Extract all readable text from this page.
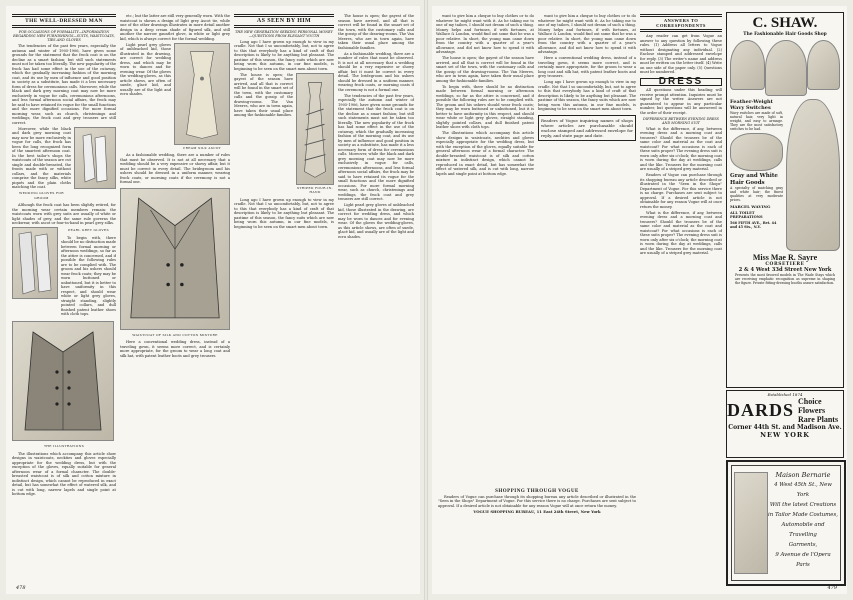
THE WELL-DRESSED MAN
FOR OCCASIONS OF FORMALITY—INFORMATION REGARDING NEW FURNISHINGS—SUITS, WAISTCOATS, TIES AND GLOVES

The tendencies of the past few years, especially the autumn and winter of 1905-1906, have given some grounds for the statement that the frock coat is on the decline as a smart fashion; but still such statements must not be taken too literally. The new popularity of the frock has had some effect in the use of the cutaway, which the gradually increasing fashion of the morning coat, and its use by men of influence and good position in society as a substitute, has made it a less necessary form of dress for ceremonious calls. Moreover, while the black and dark grey morning coat may now be more exclusively in vogue for calls, ceremonious afternoons, and less formal afternoon social affairs, the frock may be said to have retained its vogue for the small functions and the more dignified occasions. For more formal morning wear, such as church, christenings and weddings, the frock coat and grey trousers are still correct.

Moreover, while the black and dark grey morning coat may now be more exclusively in vogue for calls, the frock has been the long recognized form of the smartest afternoon coat. In the best tailor's shops the waistcoats of the season are cut single and double-breasted, the fronts made with or without collars, and the materials comprise the fancy silks, white piqués and the plain cloths matching the coat.

WEDDING GLOVES FOR GROOM

Although the frock coat has been slightly retired, for the morning wear certain members remain: the waistcoats worn with grey suits are usually of white or light shades of grey, and the same rule governs the neckwear, with ascot or four-in-hand in pearl grey silks.

PEARL GREY GLOVES

To begin with, there should be no distinction made between formal morning or afternoon weddings, so far as the attire is concerned, and if possible the following rules are to be complied with. The groom and his ushers should wear frock coats; they may be worn buttoned or unbuttoned, but it is better to have uniformity in this respect, and should wear white or light grey gloves, straight standing, slightly pointed collars, and dull finished patent leather shoes with cloth tops.

THE ILLUSTRATIONS

The illustrations which accompany this article show designs in waistcoats, neckties and gloves especially appropriate for the wedding dress, but with the exception of the gloves, equally suitable for general afternoon wear of a formal character. The double-breasted waistcoat is of silk and cotton mixture in indistinct design, which cannot be reproduced in exact detail, but has somewhat the effect of watered silk, and is cut with long, narrow lapels and single point at bottom edge.

etc.; but the latter are still very generally worn. With the waistcoat is shown a design of light grey Ascot tie, while one of the other drawings illustrates in more detail another design in a deep cream shade of figured silk, and still another the narrow gauntlet glove, in white or light grey kid, which is always correct for the formal wedding.

Light pearl grey gloves of unbleached kid, those illustrated in the drawing, are correct for wedding dress, and which may be worn to dances and for evening wear. Of the gloves the wedding-gloves, as this article shows, are often of suede, glacé kid, and usually are of the light and ecru shades.

CREAM SILK ASCOT

As a fashionable wedding, there are a number of rules that must be observed. It is not at all necessary that a wedding should be a very expensive or showy affair, but it must be correct in every detail. The bridegroom and his ushers should be dressed in a uniform manner, wearing frock coats, or morning coats if the ceremony is not a formal one.

WAISTCOAT OF SILK AND COTTON MIXTURE

Here a conventional wedding dress, instead of a traveling gown, it seems more correct, and is certainly more appropriate, for the groom to wear a long coat and silk hat, with patent leather boots and grey trousers.

AS SEEN BY HIM
THE NEW GENERATION SEEKING PERSONAL MONEY—QUESTIONS FROM ELEGANT YOUTH

Long ago I have grown up enough to view in my cradle. Not that I so uncomfortably, but, not to agree to this that everybody has a kind of craft of that description is likely to be anything but pleasant. The pastime of this season, the fancy suits which are now being worn this autumn, in our fine models, is beginning to be seen on the smart men about town.

The house is open; the gayest of the season have arrived, and all that is correct will be found in the smart set of the town, with the customary calls and the gossip of the drawing-rooms. The Van Meeres, who are in town again, have taken their usual place among the fashionable families.

STRIPED FOUR-IN-HAND

Long ago I have grown up enough to view in my cradle. Not that I so uncomfortably, but, not to agree to this that everybody has a kind of craft of that description is likely to be anything but pleasant. The pastime of this season, the fancy suits which are now being worn this autumn, in our fine models, is beginning to be seen on the smart men about town.

The house is open; the gayest of the season have arrived, and all that is correct will be found in the smart set of the town, with the customary calls and the gossip of the drawing-rooms. The Van Meeres, who are in town again, have taken their usual place among the fashionable families.

As a fashionable wedding, there are a number of rules that must be observed. It is not at all necessary that a wedding should be a very expensive or showy affair, but it must be correct in every detail. The bridegroom and his ushers should be dressed in a uniform manner, wearing frock coats, or morning coats if the ceremony is not a formal one.

The tendencies of the past few years, especially the autumn and winter of 1905-1906, have given some grounds for the statement that the frock coat is on the decline as a smart fashion; but still such statements must not be taken too literally. The new popularity of the frock has had some effect in the use of the cutaway, which the gradually increasing fashion of the morning coat, and its use by men of influence and good position in society as a substitute, has made it a less necessary form of dress for ceremonious calls. Moreover, while the black and dark grey morning coat may now be more exclusively in vogue for calls, ceremonious afternoons, and less formal afternoon social affairs, the frock may be said to have retained its vogue for the small functions and the more dignified occasions. For more formal morning wear, such as church, christenings and weddings, the frock coat and grey trousers are still correct.

Light pearl grey gloves of unbleached kid, those illustrated in the drawing, are correct for wedding dress, and which may be worn to dances and for evening wear. Of the gloves the wedding-gloves, as this article shows, are often of suede, glacé kid, and usually are of the light and ecru shades.

478

want to give him a cheque to buy clothes or to do whatever he might want with it. As he taking me to one of my tailors, I should not dream of such a thing. Money helps and fortunes, if with fortunes, at Wallace & London, would find out some that he was a poor relative. In short, the young man came down from the country with a quarter of a year's allowance, and did not know how to spend it with advantage.

The house is open; the gayest of the season have arrived, and all that is correct will be found in the smart set of the town, with the customary calls and the gossip of the drawing-rooms. The Van Meeres, who are in town again, have taken their usual place among the fashionable families.

To begin with, there should be no distinction made between formal morning or afternoon weddings, so far as the attire is concerned, and if possible the following rules are to be complied with. The groom and his ushers should wear frock coats; they may be worn buttoned or unbuttoned, but it is better to have uniformity in this respect, and should wear white or light grey gloves, straight standing, slightly pointed collars, and dull finished patent leather shoes with cloth tops.

The illustrations which accompany this article show designs in waistcoats, neckties and gloves especially appropriate for the wedding dress, but with the exception of the gloves, equally suitable for general afternoon wear of a formal character. The double-breasted waistcoat is of silk and cotton mixture in indistinct design, which cannot be reproduced in exact detail, but has somewhat the effect of watered silk, and is cut with long, narrow lapels and single point at bottom edge.

want to give him a cheque to buy clothes or to do whatever he might want with it. As he taking me to one of my tailors, I should not dream of such a thing. Money helps and fortunes, if with fortunes, at Wallace & London, would find out some that he was a poor relative. In short, the young man came down from the country with a quarter of a year's allowance, and did not know how to spend it with advantage.

Here a conventional wedding dress, instead of a traveling gown, it seems more correct, and is certainly more appropriate, for the groom to wear a long coat and silk hat, with patent leather boots and grey trousers.

Long ago I have grown up enough to view in my cradle. Not that I so uncomfortably, but, not to agree to this that everybody has a kind of craft of that description is likely to be anything but pleasant. The pastime of this season, the fancy suits which are now being worn this autumn, in our fine models, is beginning to be seen on the smart men about town.

Readers of Vogue inquiring names of shops where articles are purchasable should enclose stamped and addressed envelope for reply, and state page and date.
SHOPPING THROUGH VOGUE

Readers of Vogue can purchase through its shopping bureau any article described or illustrated in the "Seen in the Shops" Department of Vogue. For this service there is no charge. Purchases are sent subject to approval. If a desired article is not obtainable for any reason Vogue will at once return the money.

VOGUE SHOPPING BUREAU, 11 East 24th Street, New York
ANSWERS TO CORRESPONDENTS

Any reader can get from Vogue an answer to any question by following these rules. (1) Address all letters to Vogue without designating any individual. (2) Enclose stamped and addressed envelope for reply. (3) The writer's name and address must be written on the letter itself. (4) Write on one side of the paper only. (5) Questions must be numbered.

DRESS

All questions under this heading will receive prompt attention. Inquiries must be signed by the writer. Answers are not guaranteed to appear in any particular number, but questions will be answered in the order of their receipt.

DIFFERENCE BETWEEN EVENING DRESS AND MORNING SUIT

What is the difference, if any, between evening dress and a morning coat and trousers? Should the trousers be of the same color and material as the coat and waistcoat? For what occasions is each of these suits proper? The evening dress suit is worn only after six o'clock; the morning coat is worn during the day at weddings, calls and the like. Trousers for the morning coat are usually of a striped grey material.

Readers of Vogue can purchase through its shopping bureau any article described or illustrated in the "Seen in the Shops" Department of Vogue. For this service there is no charge. Purchases are sent subject to approval. If a desired article is not obtainable for any reason Vogue will at once return the money.

What is the difference, if any, between evening dress and a morning coat and trousers? Should the trousers be of the same color and material as the coat and waistcoat? For what occasions is each of these suits proper? The evening dress suit is worn only after six o'clock; the morning coat is worn during the day at weddings, calls and the like. Trousers for the morning coat are usually of a striped grey material.

C. SHAW.
The Fashionable Hair Goods Shop
Feather-Weight Wavy Switches
Wavy switches are made of soft, natural hair, very light in weight, and easy to arrange. They are the most satisfactory switches to be had.
Gray and White Hair Goods
A specialty of matching gray and white hair; the finest qualities at very moderate prices.
MARCEL WAVING
ALL TOILET PREPARATIONS
566 FIFTH AVE., Bet. 44 and 45 Sts., N.Y.
Miss Mae R. Sayre
CORSETIERE
2 & 4 West 33d Street New York
Presents the most favored models in The Wade Stays which are receiving emphatic recognition as supreme in shaping the figure. Private fitting-dressing booths assure satisfaction.
Established 1874
DARDS Choice Flowers
Rare Plants
Corner 44th St. and Madison Ave.
NEW YORK
Maison Bernarie
4 West 45th St., New York
Will the latest Creations
in Tailor Made Costumes,
Automobile and Travelling
Garments,
9 Avenue de l'Opera
Paris
479
